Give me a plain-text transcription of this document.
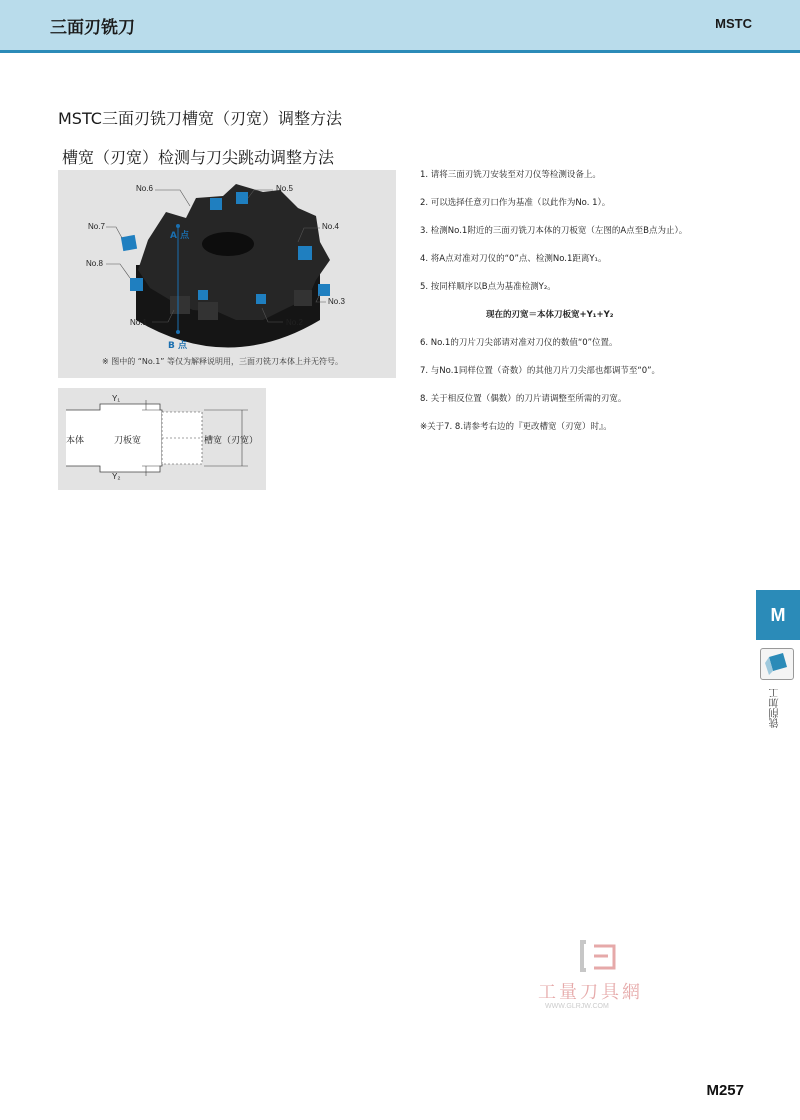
三面刃铣刀	MSTC
MSTC三面刃铣刀槽宽（刃宽）调整方法
槽宽（刃宽）检测与刀尖跳动调整方法
No.6	No.5
No.4
No.7
No.8
No.3
No.1	No.2
A 点
B 点
※ 图中的 “No.1” 等仅为解释说明用，三面刃铣刀本体上并无符号。
本体	刀板宽	槽宽（刃宽）
Y₁
Y₂
1. 请将三面刃铣刀安装至对刀仪等检测设备上。
2. 可以选择任意刃口作为基准（以此作为No. 1）。
3. 检测No.1附近的三面刃铣刀本体的刀板宽（左图的A点至B点为止）。
4. 将A点对准对刀仪的“0”点、检测No.1距离Y₁。
5. 按同样顺序以B点为基准检测Y₂。
现在的刃宽＝本体刀板宽+Y₁+Y₂
6. No.1的刀片刀尖部请对准对刀仪的数值“0”位置。
7. 与No.1同样位置（奇数）的其他刀片刀尖部也都调节至“0”。
8. 关于相反位置（偶数）的刀片请调整至所需的刃宽。
※关于7. 8.请参考右边的『更改槽宽（刃宽）时』。
M
铣削加工
工量刀具網
WWW.GLRJW.COM
M257
